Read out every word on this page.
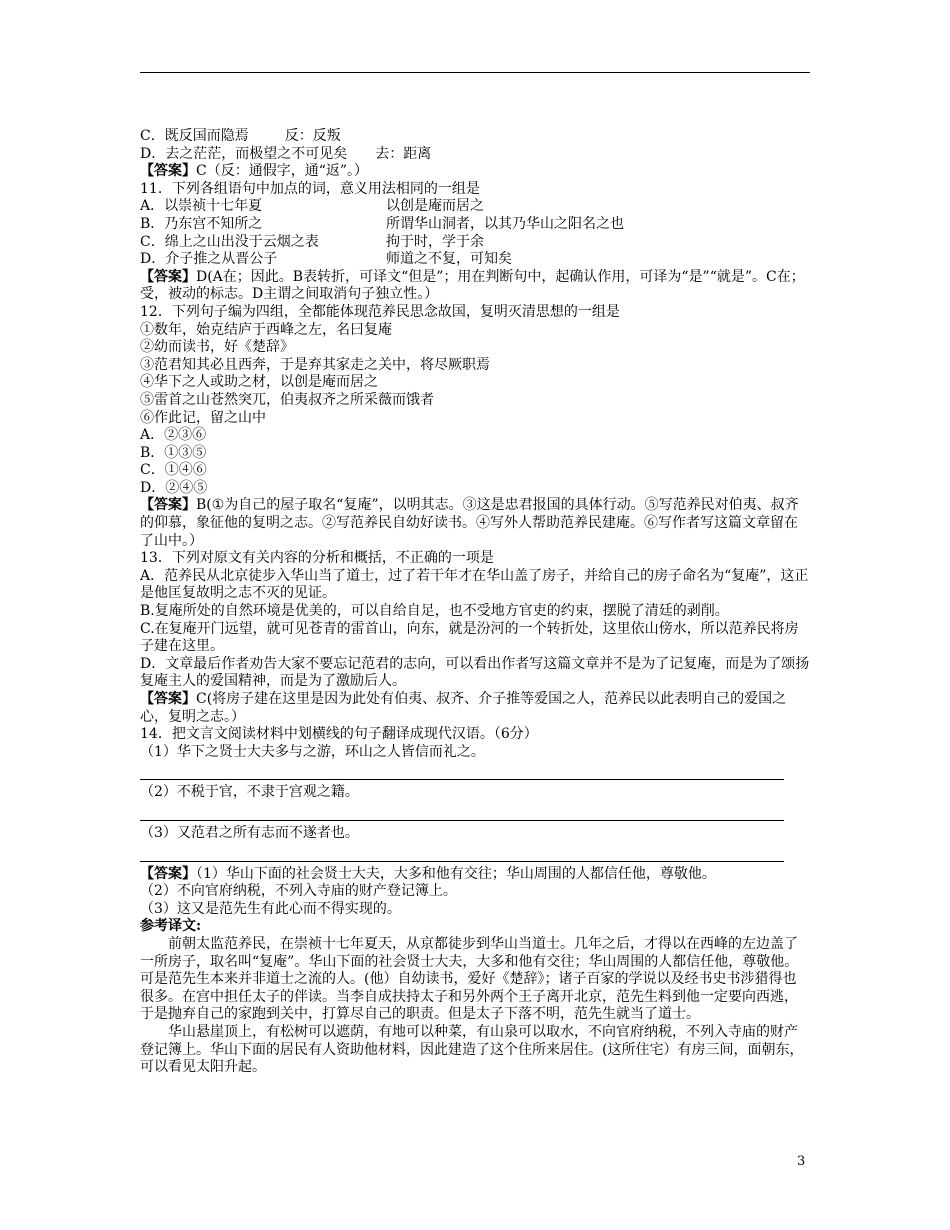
C．既反国而隐焉	反：反叛
D．去之茫茫，而极望之不可见矣 去：距离
【答案】C（反：通假字，通“返”。）
11．下列各组语句中加点的词，意义用法相同的一组是
A．以崇祯十七年夏	以创是庵而居之
B．乃东宫不知所之	所谓华山洞者，以其乃华山之阳名之也
C．绵上之山出没于云烟之表	拘于时，学于余
D．介子推之从晋公子	师道之不复，可知矣
【答案】D(A在；因此。B表转折，可译文“但是”；用在判断句中，起确认作用，可译为“是”“就是”。C在；受，被动的标志。D主谓之间取消句子独立性。）
12．下列句子编为四组，全都能体现范养民思念故国，复明灭清思想的一组是
①数年，始克结庐于西峰之左，名曰复庵
②幼而读书，好《楚辞》
③范君知其必且西奔，于是弃其家走之关中，将尽厥职焉
④华下之人或助之材，以创是庵而居之
⑤雷首之山苍然突兀，伯夷叔齐之所采薇而饿者
⑥作此记，留之山中
A．②③⑥
B．①③⑤
C．①④⑥
D．②④⑤
【答案】B(①为自己的屋子取名“复庵”，以明其志。③这是忠君报国的具体行动。⑤写范养民对伯夷、叔齐的仰慕，象征他的复明之志。②写范养民自幼好读书。④写外人帮助范养民建庵。⑥写作者写这篇文章留在了山中。）
13．下列对原文有关内容的分析和概括，不正确的一项是
A．范养民从北京徒步入华山当了道士，过了若干年才在华山盖了房子，并给自己的房子命名为“复庵”，这正是他匡复故明之志不灭的见证。
B.复庵所处的自然环境是优美的，可以自给自足，也不受地方官吏的约束，摆脱了清廷的剥削。
C.在复庵开门远望，就可见苍青的雷首山，向东，就是汾河的一个转折处，这里依山傍水，所以范养民将房子建在这里。
D．文章最后作者劝告大家不要忘记范君的志向，可以看出作者写这篇文章并不是为了记复庵，而是为了颂扬复庵主人的爱国精神，而是为了激励后人。
【答案】C(将房子建在这里是因为此处有伯夷、叔齐、介子推等爱国之人，范养民以此表明自己的爱国之心，复明之志。）
14．把文言文阅读材料中划横线的句子翻译成现代汉语。（6分）
（1）华下之贤士大夫多与之游，环山之人皆信而礼之。
（2）不税于官，不隶于宫观之籍。
（3）又范君之所有志而不遂者也。
【答案】（1）华山下面的社会贤士大夫，大多和他有交往；华山周围的人都信任他，尊敬他。
（2）不向官府纳税，不列入寺庙的财产登记簿上。
（3）这又是范先生有此心而不得实现的。
参考译文:
前朝太监范养民，在崇祯十七年夏天，从京都徒步到华山当道士。几年之后，才得以在西峰的左边盖了一所房子，取名叫“复庵”。华山下面的社会贤士大夫，大多和他有交往；华山周围的人都信任他，尊敬他。可是范先生本来并非道士之流的人。(他）自幼读书，爱好《楚辞》；诸子百家的学说以及经书史书涉猎得也很多。在宫中担任太子的伴读。当李自成扶持太子和另外两个王子离开北京，范先生料到他一定要向西逃，于是抛弃自己的家跑到关中，打算尽自己的职责。但是太子下落不明，范先生就当了道士。
华山悬崖顶上，有松树可以遮荫，有地可以种菜，有山泉可以取水，不向官府纳税，不列入寺庙的财产登记簿上。华山下面的居民有人资助他材料，因此建造了这个住所来居住。(这所住宅）有房三间，面朝东，可以看见太阳升起。
3
